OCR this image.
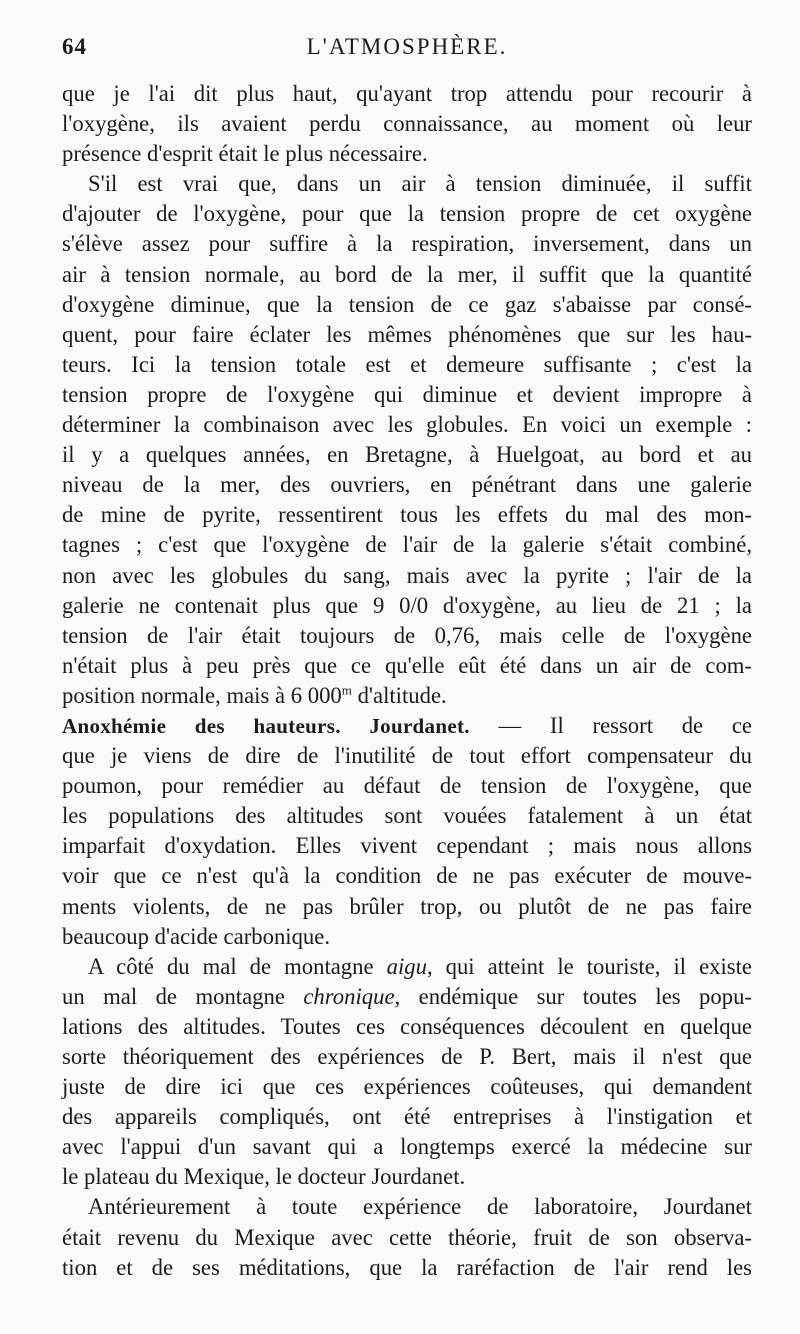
64	L'ATMOSPHÈRE.
que je l'ai dit plus haut, qu'ayant trop attendu pour recourir à
l'oxygène, ils avaient perdu connaissance, au moment où leur
présence d'esprit était le plus nécessaire.
S'il est vrai que, dans un air à tension diminuée, il suffit
d'ajouter de l'oxygène, pour que la tension propre de cet oxygène
s'élève assez pour suffire à la respiration, inversement, dans un
air à tension normale, au bord de la mer, il suffit que la quantité
d'oxygène diminue, que la tension de ce gaz s'abaisse par consé-
quent, pour faire éclater les mêmes phénomènes que sur les hau-
teurs. Ici la tension totale est et demeure suffisante ; c'est la
tension propre de l'oxygène qui diminue et devient impropre à
déterminer la combinaison avec les globules. En voici un exemple :
il y a quelques années, en Bretagne, à Huelgoat, au bord et au
niveau de la mer, des ouvriers, en pénétrant dans une galerie
de mine de pyrite, ressentirent tous les effets du mal des mon-
tagnes ; c'est que l'oxygène de l'air de la galerie s'était combiné,
non avec les globules du sang, mais avec la pyrite ; l'air de la
galerie ne contenait plus que 9 0/0 d'oxygène, au lieu de 21 ; la
tension de l'air était toujours de 0,76, mais celle de l'oxygène
n'était plus à peu près que ce qu'elle eût été dans un air de com-
position normale, mais à 6 000$^m$ d'altitude.
Anoxhémie des hauteurs. Jourdanet. — Il ressort de ce
que je viens de dire de l'inutilité de tout effort compensateur du
poumon, pour remédier au défaut de tension de l'oxygène, que
les populations des altitudes sont vouées fatalement à un état
imparfait d'oxydation. Elles vivent cependant ; mais nous allons
voir que ce n'est qu'à la condition de ne pas exécuter de mouve-
ments violents, de ne pas brûler trop, ou plutôt de ne pas faire
beaucoup d'acide carbonique.
A côté du mal de montagne aigu, qui atteint le touriste, il existe
un mal de montagne chronique, endémique sur toutes les popu-
lations des altitudes. Toutes ces conséquences découlent en quelque
sorte théoriquement des expériences de P. Bert, mais il n'est que
juste de dire ici que ces expériences coûteuses, qui demandent
des appareils compliqués, ont été entreprises à l'instigation et
avec l'appui d'un savant qui a longtemps exercé la médecine sur
le plateau du Mexique, le docteur Jourdanet.
Antérieurement à toute expérience de laboratoire, Jourdanet
était revenu du Mexique avec cette théorie, fruit de son observa-
tion et de ses méditations, que la raréfaction de l'air rend les
